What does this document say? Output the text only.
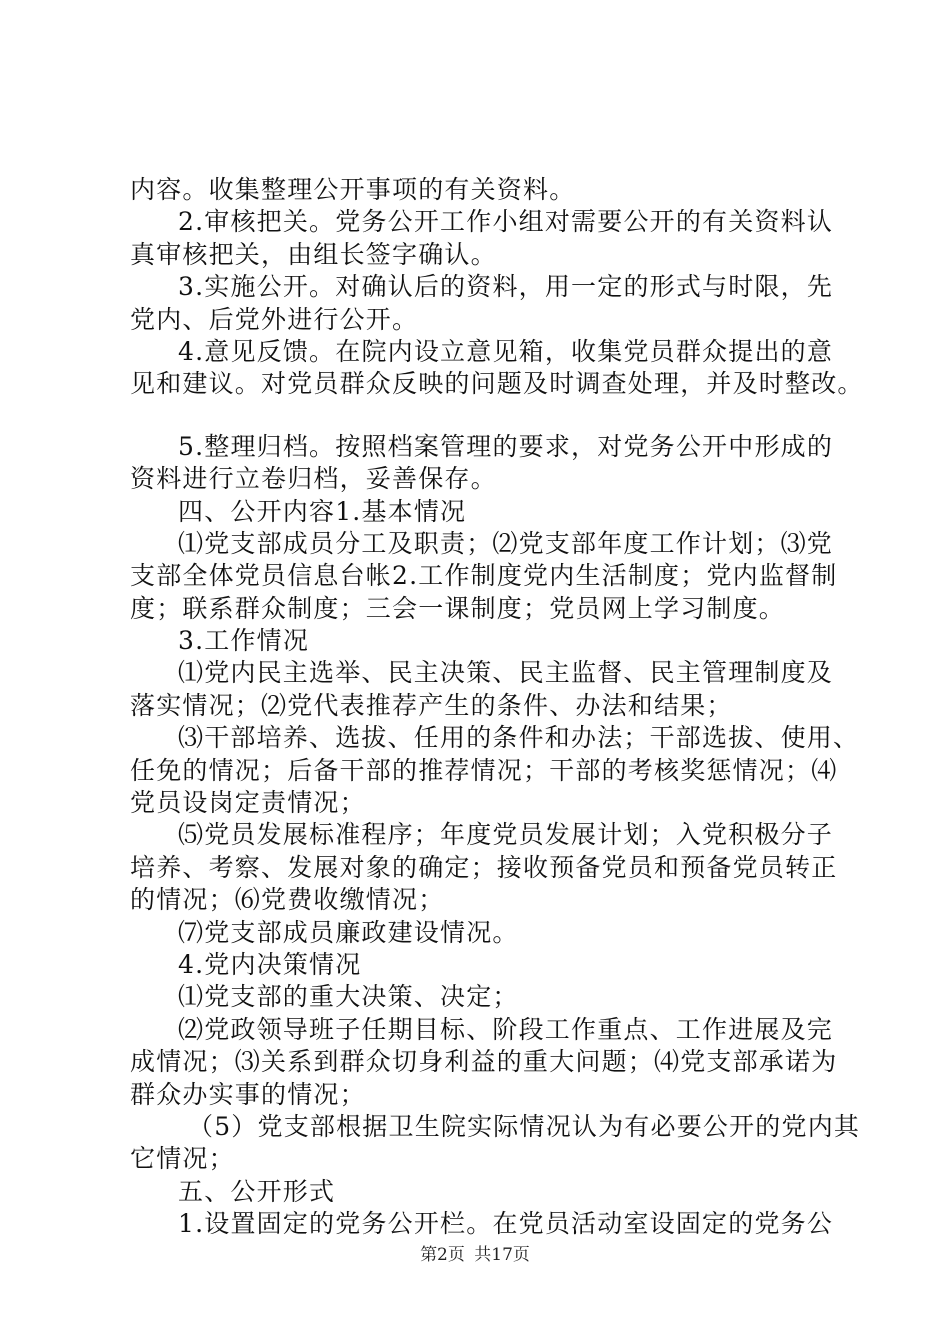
内容。收集整理公开事项的有关资料。
2.审核把关。党务公开工作小组对需要公开的有关资料认
真审核把关，由组长签字确认。
3.实施公开。对确认后的资料，用一定的形式与时限，先
党内、后党外进行公开。
4.意见反馈。在院内设立意见箱，收集党员群众提出的意
见和建议。对党员群众反映的问题及时调查处理，并及时整改。
5.整理归档。按照档案管理的要求，对党务公开中形成的
资料进行立卷归档，妥善保存。
四、公开内容1.基本情况
⑴党支部成员分工及职责；⑵党支部年度工作计划；⑶党
支部全体党员信息台帐2.工作制度党内生活制度；党内监督制
度；联系群众制度；三会一课制度；党员网上学习制度。
3.工作情况
⑴党内民主选举、民主决策、民主监督、民主管理制度及
落实情况；⑵党代表推荐产生的条件、办法和结果；
⑶干部培养、选拔、任用的条件和办法；干部选拔、使用、
任免的情况；后备干部的推荐情况；干部的考核奖惩情况；⑷
党员设岗定责情况；
⑸党员发展标准程序；年度党员发展计划；入党积极分子
培养、考察、发展对象的确定；接收预备党员和预备党员转正
的情况；⑹党费收缴情况；
⑺党支部成员廉政建设情况。
4.党内决策情况
⑴党支部的重大决策、决定；
⑵党政领导班子任期目标、阶段工作重点、工作进展及完
成情况；⑶关系到群众切身利益的重大问题；⑷党支部承诺为
群众办实事的情况；
（5）党支部根据卫生院实际情况认为有必要公开的党内其
它情况；
五、公开形式
1.设置固定的党务公开栏。在党员活动室设固定的党务公
第2页 共17页
